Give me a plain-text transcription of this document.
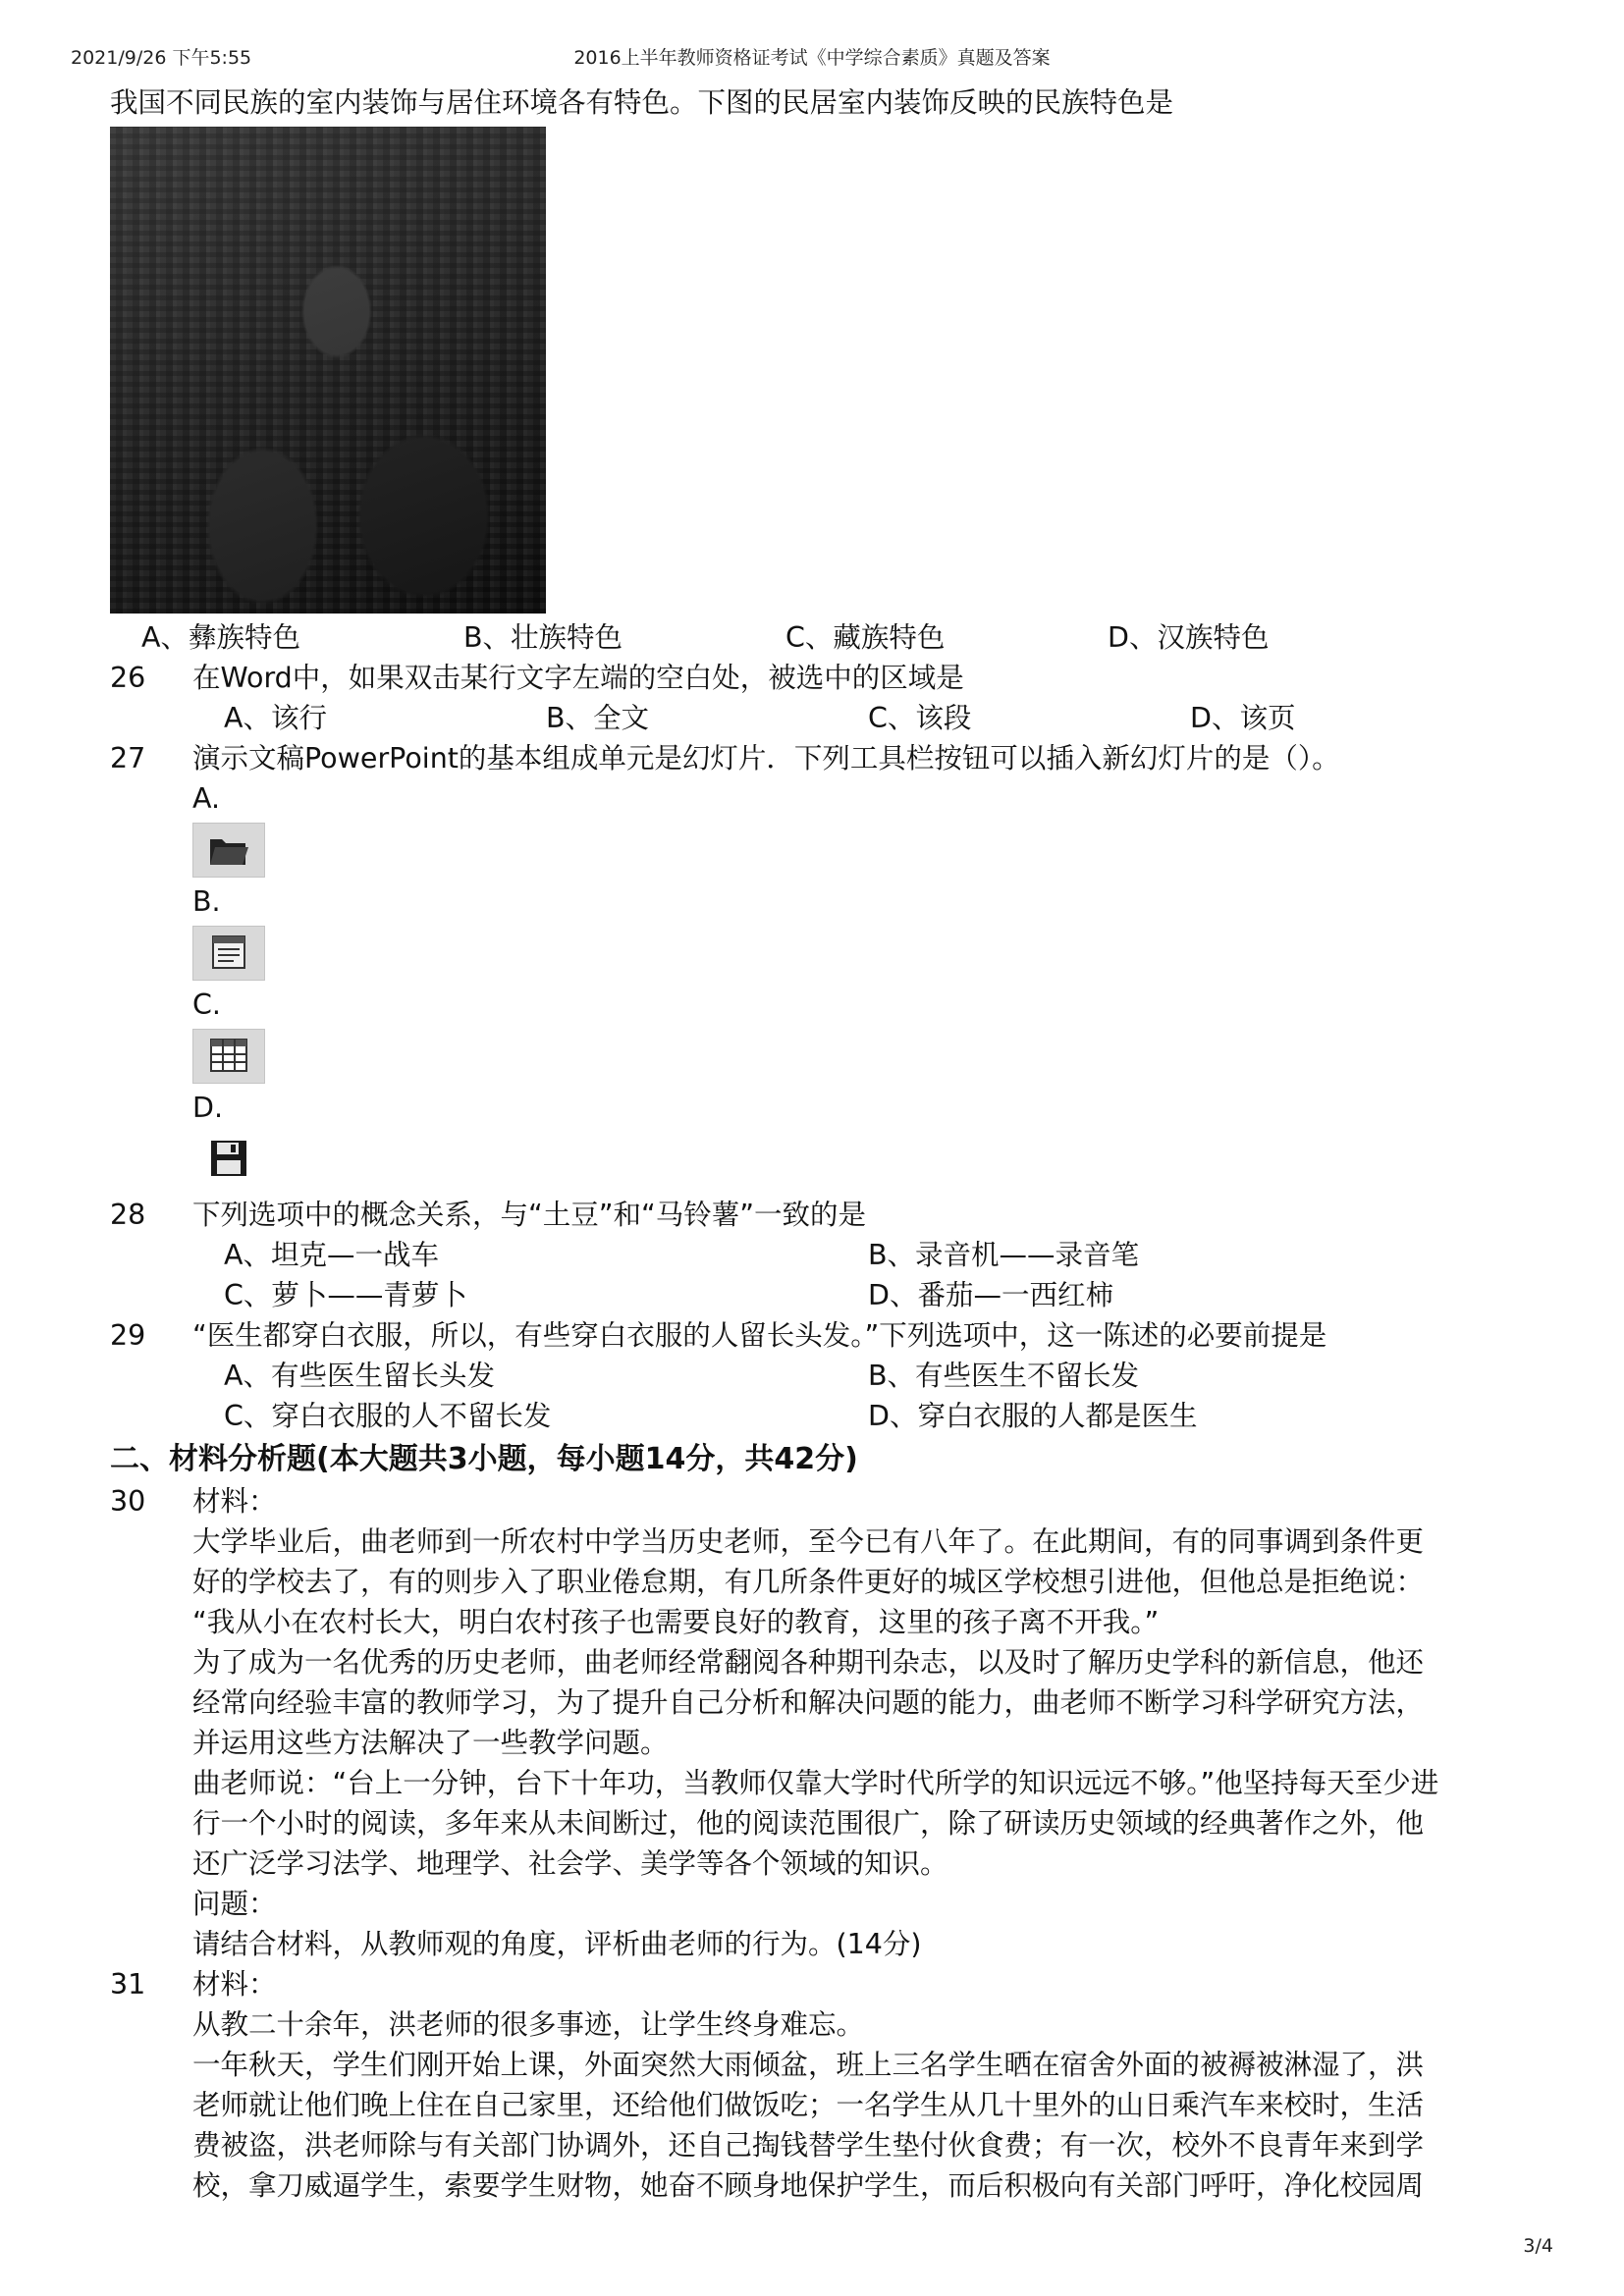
2021/9/26 下午5:55	2016上半年教师资格证考试《中学综合素质》真题及答案
我国不同民族的室内装饰与居住环境各有特色。下图的民居室内装饰反映的民族特色是
A、彝族特色	B、壮族特色	C、藏族特色	D、汉族特色
26 在Word中，如果双击某行文字左端的空白处，被选中的区域是
A、该行	B、全文	C、该段	D、该页
27 演示文稿PowerPoint的基本组成单元是幻灯片．下列工具栏按钮可以插入新幻灯片的是（）。
A.
B.
C.
D.
28 下列选项中的概念关系，与“土豆”和“马铃薯”一致的是
A、坦克—一战车	B、录音机——录音笔
C、萝卜——青萝卜	D、番茄—一西红柿
29 “医生都穿白衣服，所以，有些穿白衣服的人留长头发。”下列选项中，这一陈述的必要前提是
A、有些医生留长头发	B、有些医生不留长发
C、穿白衣服的人不留长发	D、穿白衣服的人都是医生
二、材料分析题(本大题共3小题，每小题14分，共42分)
30 材料：
大学毕业后，曲老师到一所农村中学当历史老师，至今已有八年了。在此期间，有的同事调到条件更
好的学校去了，有的则步入了职业倦怠期，有几所条件更好的城区学校想引进他，但他总是拒绝说：
“我从小在农村长大，明白农村孩子也需要良好的教育，这里的孩子离不开我。”
为了成为一名优秀的历史老师，曲老师经常翻阅各种期刊杂志，以及时了解历史学科的新信息，他还
经常向经验丰富的教师学习，为了提升自己分析和解决问题的能力，曲老师不断学习科学研究方法，
并运用这些方法解决了一些教学问题。
曲老师说：“台上一分钟，台下十年功，当教师仅靠大学时代所学的知识远远不够。”他坚持每天至少进
行一个小时的阅读，多年来从未间断过，他的阅读范围很广，除了研读历史领域的经典著作之外，他
还广泛学习法学、地理学、社会学、美学等各个领域的知识。
问题：
请结合材料，从教师观的角度，评析曲老师的行为。(14分)
31 材料：
从教二十余年，洪老师的很多事迹，让学生终身难忘。
一年秋天，学生们刚开始上课，外面突然大雨倾盆，班上三名学生晒在宿舍外面的被褥被淋湿了，洪
老师就让他们晚上住在自己家里，还给他们做饭吃；一名学生从几十里外的山日乘汽车来校时，生活
费被盗，洪老师除与有关部门协调外，还自己掏钱替学生垫付伙食费；有一次，校外不良青年来到学
校，拿刀威逼学生，索要学生财物，她奋不顾身地保护学生，而后积极向有关部门呼吁，净化校园周
3/4
